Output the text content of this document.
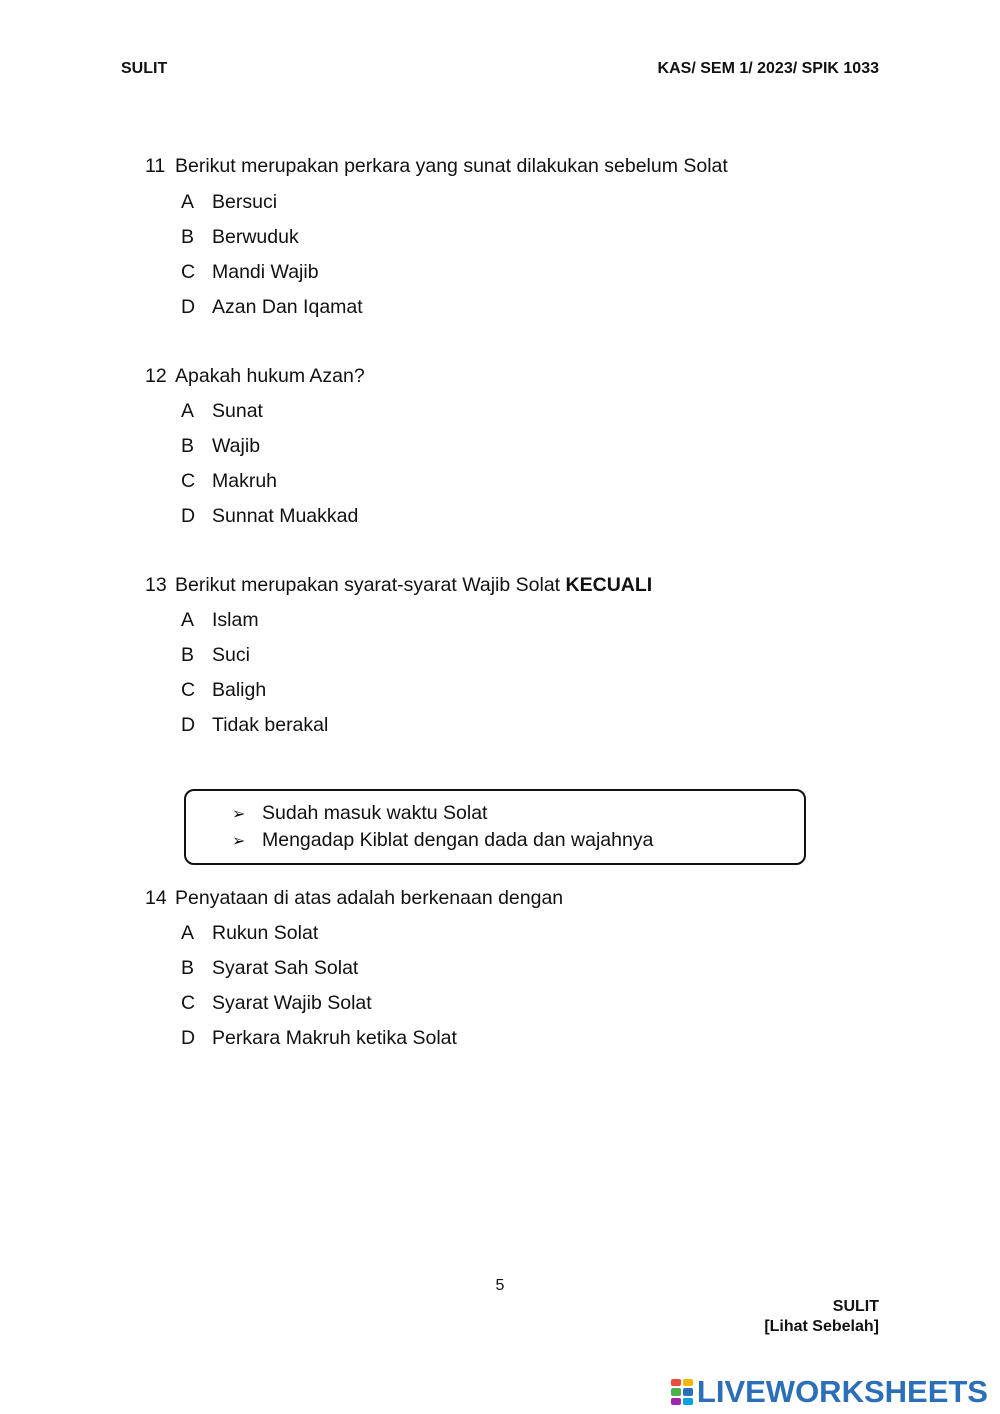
SULIT	KAS/ SEM 1/ 2023/ SPIK 1033
11 Berikut merupakan perkara yang sunat dilakukan sebelum Solat
A Bersuci
B Berwuduk
C Mandi Wajib
D Azan Dan Iqamat
12 Apakah hukum Azan?
A Sunat
B Wajib
C Makruh
D Sunnat Muakkad
13 Berikut merupakan syarat-syarat Wajib Solat KECUALI
A Islam
B Suci
C Baligh
D Tidak berakal
➢ Sudah masuk waktu Solat
➢ Mengadap Kiblat dengan dada dan wajahnya
14 Penyataan di atas adalah berkenaan dengan
A Rukun Solat
B Syarat Sah Solat
C Syarat Wajib Solat
D Perkara Makruh ketika Solat
5
SULIT
[Lihat Sebelah]
LIVEWORKSHEETS
